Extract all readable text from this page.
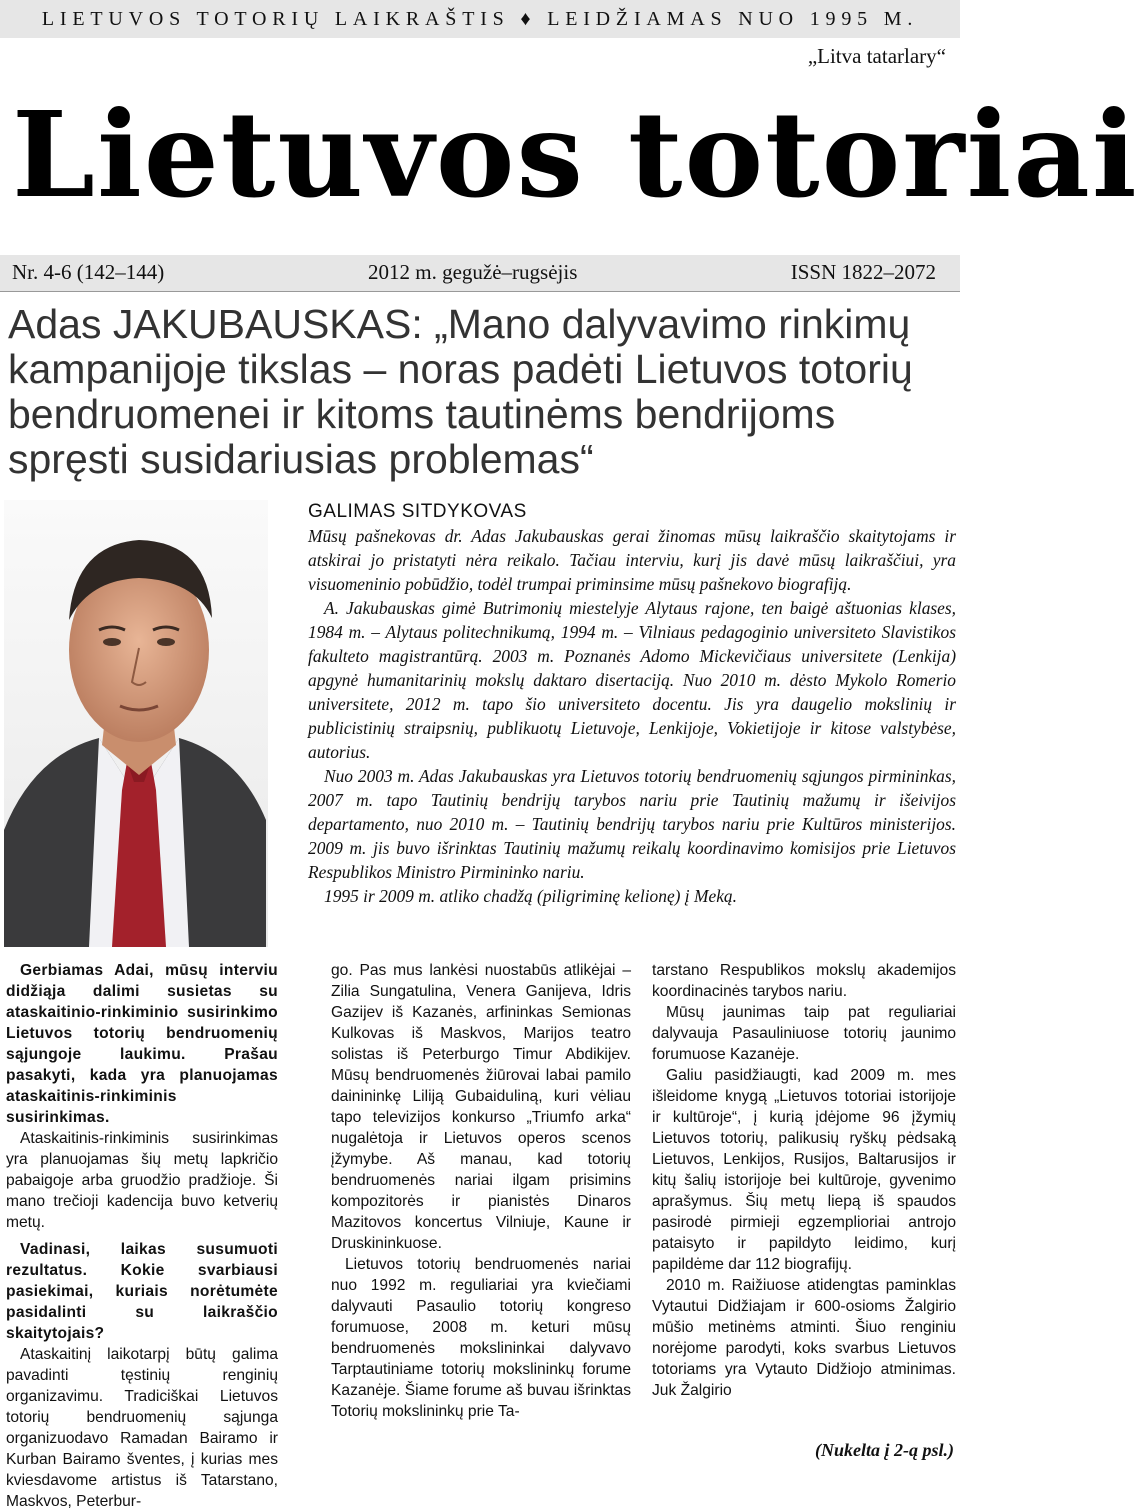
LIETUVOS TOTORIŲ LAIKRAŠTIS ♦ LEIDŽIAMAS NUO 1995 M.
„Litva tatarlary“
Lietuvos totoriai
Nr. 4-6 (142–144)	2012 m. gegužė–rugsėjis	ISSN 1822–2072
Adas JAKUBAUSKAS: „Mano dalyvavimo rinkimų kampanijoje tikslas – noras padėti Lietuvos totorių bendruomenei ir kitoms tautinėms bendrijoms spręsti susidariusias problemas“
GALIMAS SITDYKOVAS

Mūsų pašnekovas dr. Adas Jakubauskas gerai žinomas mūsų laikraščio skaitytojams ir atskirai jo pristatyti nėra reikalo. Tačiau interviu, kurį jis davė mūsų laikraščiui, yra visuomeninio pobūdžio, todėl trumpai priminsime mūsų pašnekovo biografiją.

A. Jakubauskas gimė Butrimonių miestelyje Alytaus rajone, ten baigė aštuonias klases, 1984 m. – Alytaus politechnikumą, 1994 m. – Vilniaus pedagoginio universiteto Slavistikos fakulteto magistrantūrą. 2003 m. Poznanės Adomo Mickevičiaus universitete (Lenkija) apgynė humanitarinių mokslų daktaro disertaciją. Nuo 2010 m. dėsto Mykolo Romerio universitete, 2012 m. tapo šio universiteto docentu. Jis yra daugelio mokslinių ir publicistinių straipsnių, publikuotų Lietuvoje, Lenkijoje, Vokietijoje ir kitose valstybėse, autorius.

Nuo 2003 m. Adas Jakubauskas yra Lietuvos totorių bendruomenių sąjungos pirmininkas, 2007 m. tapo Tautinių bendrijų tarybos nariu prie Tautinių mažumų ir išeivijos departamento, nuo 2010 m. – Tautinių bendrijų tarybos nariu prie Kultūros ministerijos. 2009 m. jis buvo išrinktas Tautinių mažumų reikalų koordinavimo komisijos prie Lietuvos Respublikos Ministro Pirmininko nariu.

1995 ir 2009 m. atliko chadžą (piligriminę kelionę) į Meką.

Gerbiamas Adai, mūsų interviu didžiąja dalimi susietas su ataskaitinio-rinkiminio susirinkimo Lietuvos totorių bendruomenių sąjungoje laukimu. Prašau pasakyti, kada yra planuojamas ataskaitinis-rinkiminis susirinkimas.

Ataskaitinis-rinkiminis susirinkimas yra planuojamas šių metų lapkričio pabaigoje arba gruodžio pradžioje. Ši mano trečioji kadencija buvo ketverių metų.

Vadinasi, laikas susumuoti rezultatus. Kokie svarbiausi pasiekimai, kuriais norėtumėte pasidalinti su laikraščio skaitytojais?

Ataskaitinį laikotarpį būtų galima pavadinti tęstinių renginių organizavimu. Tradiciškai Lietuvos totorių bendruomenių sąjunga organizuodavo Ramadan Bairamo ir Kurban Bairamo šventes, į kurias mes kviesdavome artistus iš Tatarstano, Maskvos, Peterbur-

go. Pas mus lankėsi nuostabūs atlikėjai – Zilia Sungatulina, Venera Ganijeva, Idris Gazijev iš Kazanės, arfininkas Semionas Kulkovas iš Maskvos, Marijos teatro solistas iš Peterburgo Timur Abdikijev. Mūsų bendruomenės žiūrovai labai pamilo dainininkę Liliją Gubaiduliną, kuri vėliau tapo televizijos konkurso „Triumfo arka“ nugalėtoja ir Lietuvos operos scenos įžymybe. Aš manau, kad totorių bendruomenės nariai ilgam prisimins kompozitorės ir pianistės Dinaros Mazitovos koncertus Vilniuje, Kaune ir Druskininkuose.

Lietuvos totorių bendruomenės nariai nuo 1992 m. reguliariai yra kviečiami dalyvauti Pasaulio totorių kongreso forumuose, 2008 m. keturi mūsų bendruomenės mokslininkai dalyvavo Tarptautiniame totorių mokslininkų forume Kazanėje. Šiame forume aš buvau išrinktas Totorių mokslininkų prie Ta-

tarstano Respublikos mokslų akademijos koordinacinės tarybos nariu.

Mūsų jaunimas taip pat reguliariai dalyvauja Pasauliniuose totorių jaunimo forumuose Kazanėje.

Galiu pasidžiaugti, kad 2009 m. mes išleidome knygą „Lietuvos totoriai istorijoje ir kultūroje“, į kurią įdėjome 96 įžymių Lietuvos totorių, palikusių ryškų pėdsaką Lietuvos, Lenkijos, Rusijos, Baltarusijos ir kitų šalių istorijoje bei kultūroje, gyvenimo aprašymus. Šių metų liepą iš spaudos pasirodė pirmieji egzemplioriai antrojo pataisyto ir papildyto leidimo, kurį papildėme dar 112 biografijų.

2010 m. Raižiuose atidengtas paminklas Vytautui Didžiajam ir 600-osioms Žalgirio mūšio metinėms atminti. Šiuo renginiu norėjome parodyti, koks svarbus Lietuvos totoriams yra Vytauto Didžiojo atminimas. Juk Žalgirio

(Nukelta į 2-ą psl.)
